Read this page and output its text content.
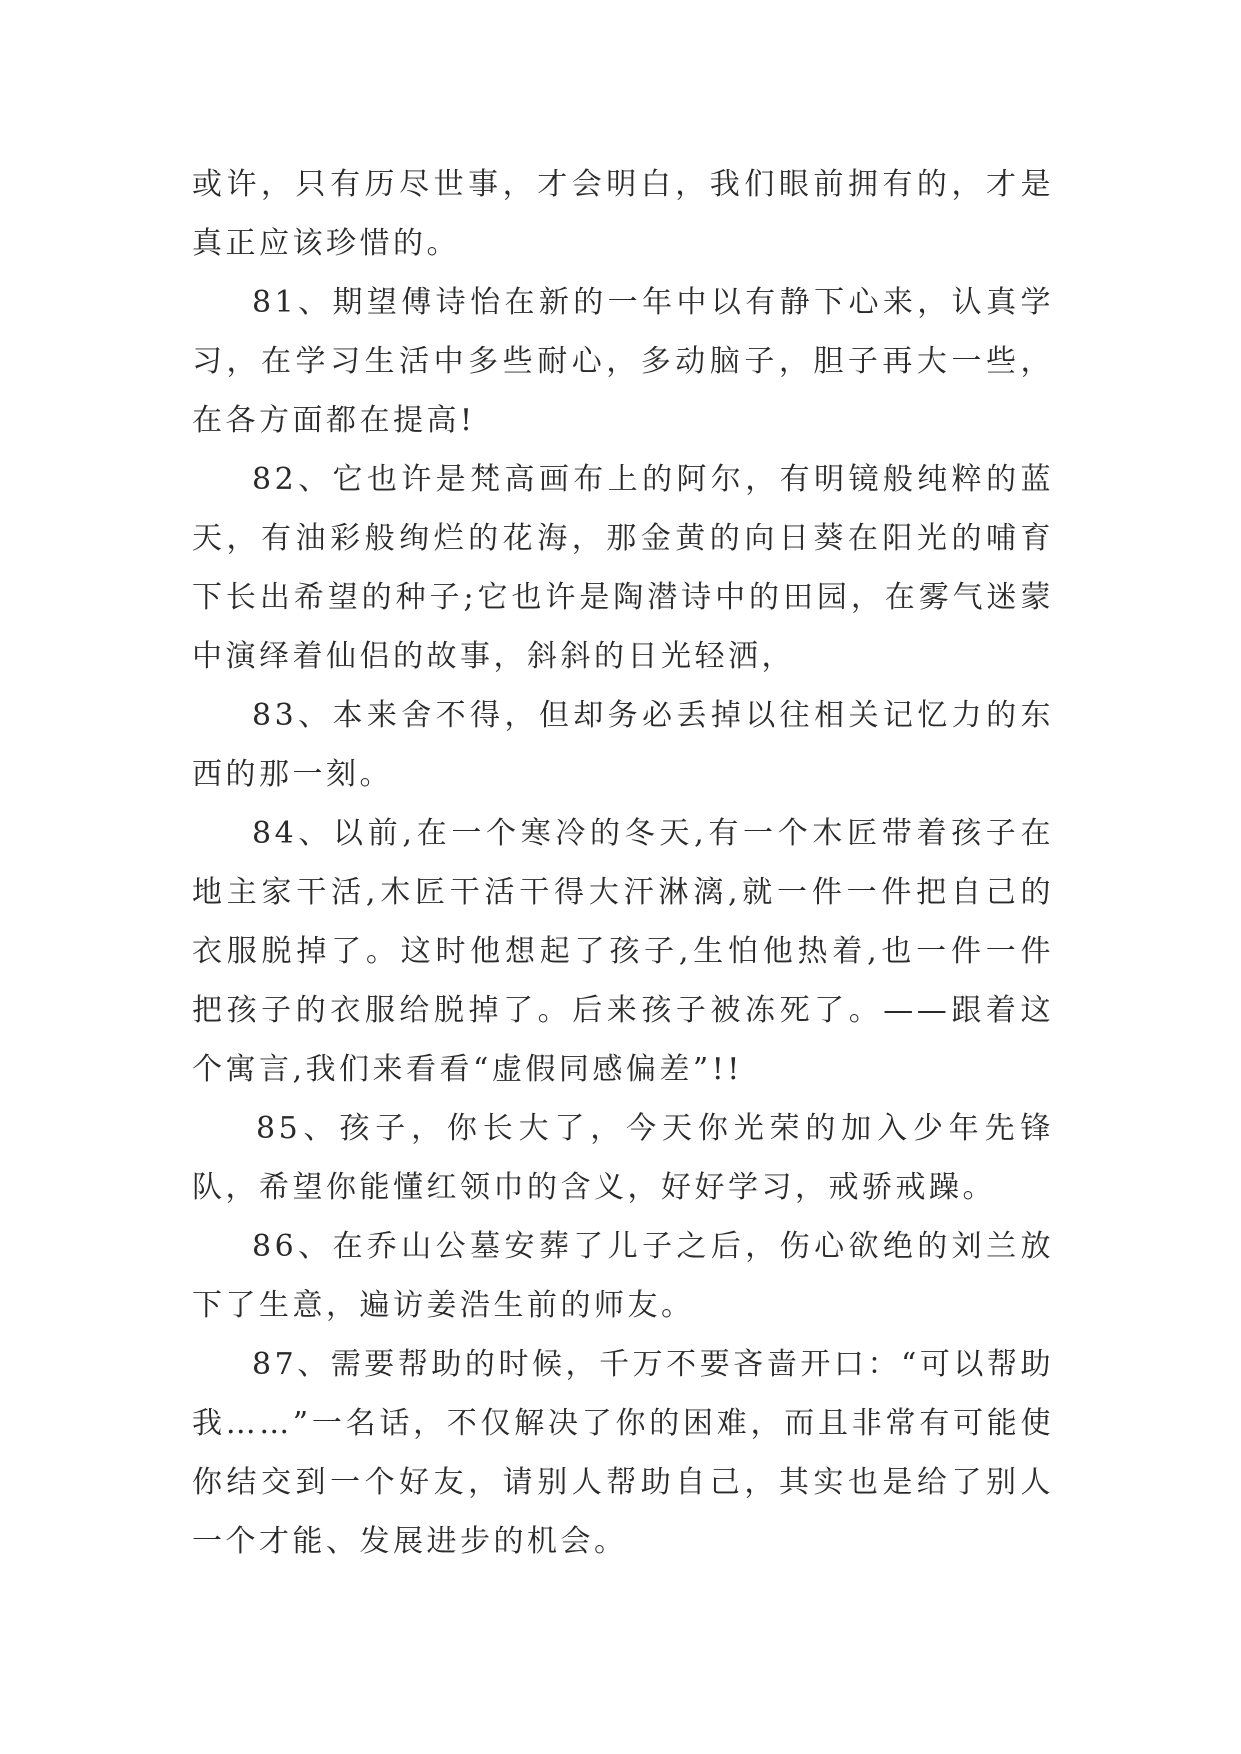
或许，只有历尽世事，才会明白，我们眼前拥有的，才是真正应该珍惜的。

81、期望傅诗怡在新的一年中以有静下心来，认真学习，在学习生活中多些耐心，多动脑子，胆子再大一些，在各方面都在提高!

82、它也许是梵高画布上的阿尔，有明镜般纯粹的蓝天，有油彩般绚烂的花海，那金黄的向日葵在阳光的哺育下长出希望的种子;它也许是陶潜诗中的田园，在雾气迷蒙中演绎着仙侣的故事，斜斜的日光轻洒，

83、本来舍不得，但却务必丢掉以往相关记忆力的东西的那一刻。

84、以前,在一个寒冷的冬天,有一个木匠带着孩子在地主家干活,木匠干活干得大汗淋漓,就一件一件把自己的衣服脱掉了。这时他想起了孩子,生怕他热着,也一件一件把孩子的衣服给脱掉了。后来孩子被冻死了。——跟着这个寓言,我们来看看“虚假同感偏差”!!

85、孩子，你长大了，今天你光荣的加入少年先锋队，希望你能懂红领巾的含义，好好学习，戒骄戒躁。

86、在乔山公墓安葬了儿子之后，伤心欲绝的刘兰放下了生意，遍访姜浩生前的师友。

87、需要帮助的时候，千万不要吝啬开口：“可以帮助我……”一名话，不仅解决了你的困难，而且非常有可能使你结交到一个好友，请别人帮助自己，其实也是给了别人一个才能、发展进步的机会。
